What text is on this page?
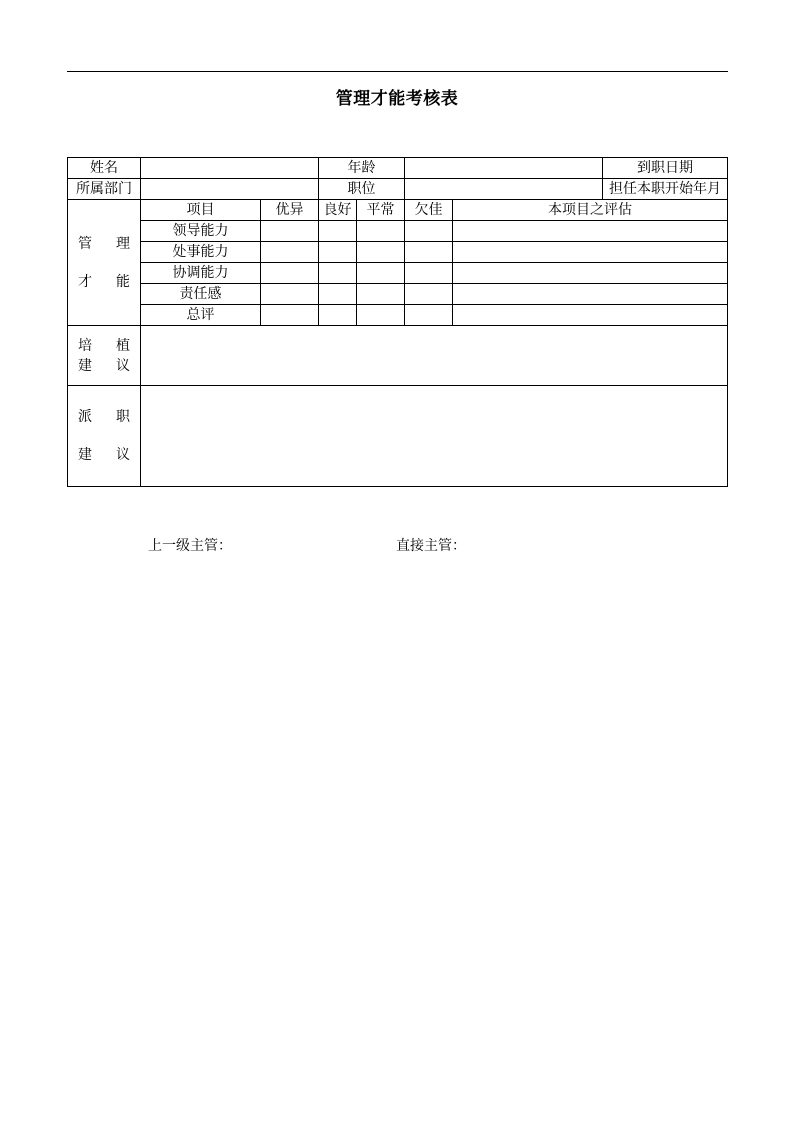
管理才能考核表
姓名			年龄				到职日期	
所属部门			职位				担任本职开始年月	
管 理
才 能	项目	优异	良好	平常	欠佳	本项目之评估		
	领导能力							
	处事能力							
	协调能力							
	责任感							
	总评							
培 植
建 议								
派 职
建 议								
上一级主管：	直接主管：
